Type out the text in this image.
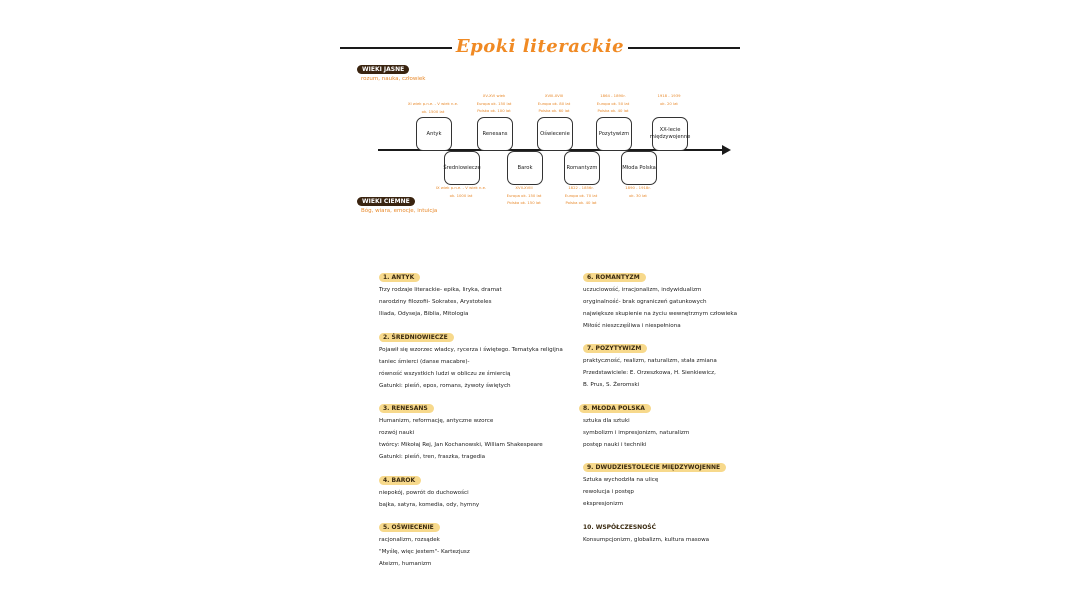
Epoki literackie
WIEKI JASNE
rozum, nauka, człowiek
WIEKI CIEMNE
Bóg, wiara, emocje, intuicja
XI wiek p.n.e. - V wiek n.e.
ok. 1500 lat
Antyk
XV-XVI wiek
Europa ok. 150 lat
Polska ok. 100 lat
Renesans
XVIII-XVIII
Europa ok. 80 lat
Polska ok. 60 lat
Oświecenie
1864 - 1890r.
Europa ok. 50 lat
Polska ok. 40 lat
Pozytywizm
1918 - 1939
ok. 20 lat
XX-lecie międzywojenne
Średniowiecze
IX wiek p.n.e. - V wiek n.e.
ok. 1000 lat
Barok
XVII-XVIII
Europa ok. 150 lat
Polska ok. 150 lat
Romantyzm
1822 - 1856r.
Europa ok. 70 lat
Polska ok. 40 lat
Młoda Polska
1890 - 1918r.
ok. 30 lat
1. ANTYK
Trzy rodzaje literackie- epika, liryka, dramat
narodziny filozofii- Sokrates, Arystoteles
Iliada, Odyseja, Biblia, Mitologia
2. ŚREDNIOWIECZE
Pojawił się wzorzec władcy, rycerza i świętego. Tematyka religijna
taniec śmierci (danse macabre)-
równość wszystkich ludzi w obliczu ze śmiercią
Gatunki: pieśń, epos, romans, żywoty świętych
3. RENESANS
Humanizm, reformację, antyczne wzorce
rozwój nauki
twórcy: Mikołaj Rej, Jan Kochanowski, William Shakespeare
Gatunki: pieśń, tren, fraszka, tragedia
4. BAROK
niepokój, powrót do duchowości
bajka, satyra, komedia, ody, hymny
5. OŚWIECENIE
racjonalizm, rozsądek
"Myślę, więc jestem"- Kartezjusz
Ateizm, humanizm
6. ROMANTYZM
uczuciowość, irracjonalizm, indywidualizm
oryginalność- brak ograniczeń gatunkowych
największe skupienie na życiu wewnętrznym człowieka
Miłość nieszczęśliwa i niespełniona
7. POZYTYWIZM
praktyczność, realizm, naturalizm, stała zmiana
Przedstawiciele: E. Orzeszkowa, H. Sienkiewicz,
B. Prus, S. Żeromski
8. MŁODA POLSKA
sztuka dla sztuki
symbolizm i impresjonizm, naturalizm
postęp nauki i techniki
9. DWUDZIESTOLECIE MIĘDZYWOJENNE
Sztuka wychodziła na ulicę
rewolucja i postęp
ekspresjonizm
10. WSPÓŁCZESNOŚĆ
Konsumpcjonizm, globalizm, kultura masowa
